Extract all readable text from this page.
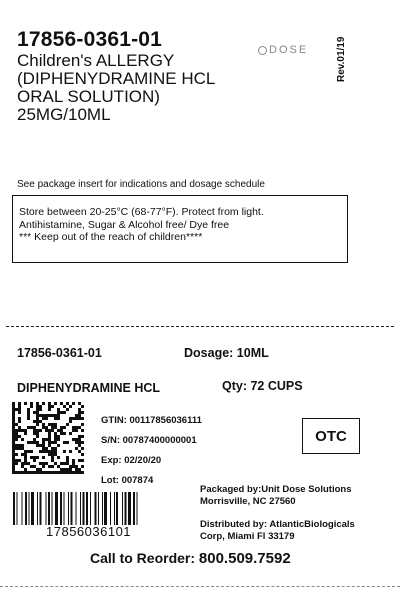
17856-0361-01
Children's ALLERGY
(DIPHENYDRAMINE HCL
ORAL SOLUTION)
25MG/10ML
DOSE	Rev.01/19
See package insert for indications and dosage schedule
Store between 20-25°C (68-77°F). Protect from light.
Antihistamine, Sugar & Alcohol free/ Dye free
*** Keep out of the reach of children****
17856-0361-01	Dosage: 10ML
DIPHENYDRAMINE HCL	Qty: 72 CUPS
GTIN: 00117856036111
S/N: 00787400000001
Exp: 02/20/20
Lot: 007874
OTC
17856036101
Packaged by:Unit Dose Solutions
Morrisville, NC 27560
Distributed by: AtlanticBiologicals
Corp, Miami Fl 33179
Call to Reorder: 800.509.7592
